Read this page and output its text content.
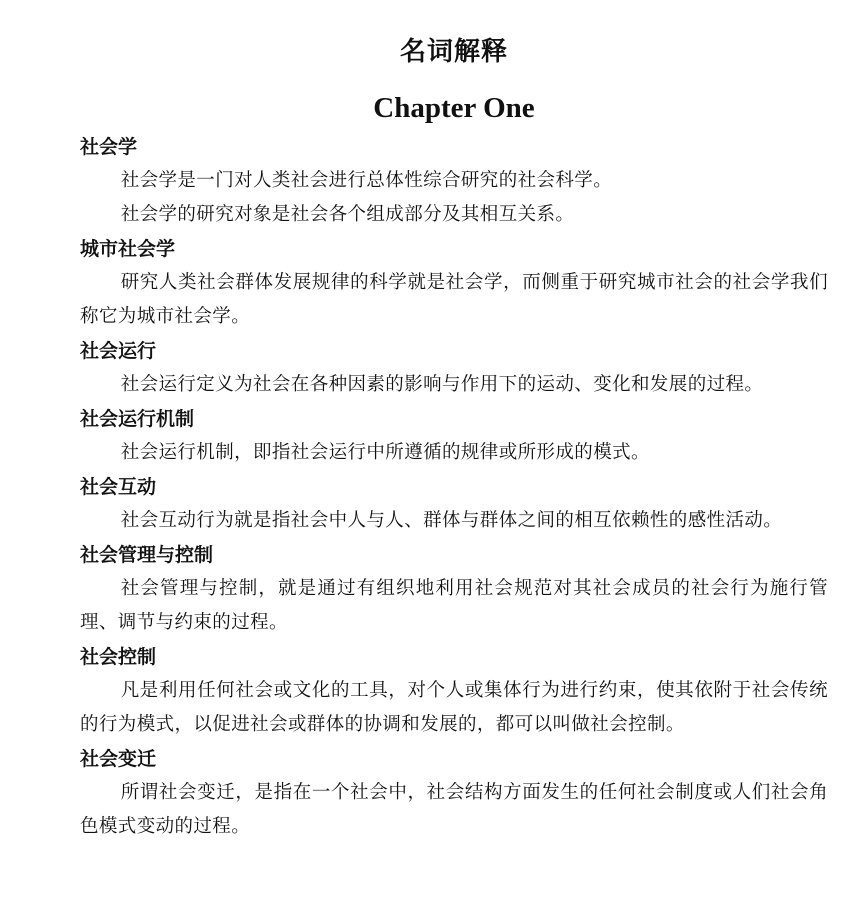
名词解释
Chapter One
社会学

社会学是一门对人类社会进行总体性综合研究的社会科学。

社会学的研究对象是社会各个组成部分及其相互关系。

城市社会学

研究人类社会群体发展规律的科学就是社会学，而侧重于研究城市社会的社会学我们称它为城市社会学。

社会运行

社会运行定义为社会在各种因素的影响与作用下的运动、变化和发展的过程。

社会运行机制

社会运行机制，即指社会运行中所遵循的规律或所形成的模式。

社会互动

社会互动行为就是指社会中人与人、群体与群体之间的相互依赖性的感性活动。

社会管理与控制

社会管理与控制，就是通过有组织地利用社会规范对其社会成员的社会行为施行管理、调节与约束的过程。

社会控制

凡是利用任何社会或文化的工具，对个人或集体行为进行约束，使其依附于社会传统的行为模式，以促进社会或群体的协调和发展的，都可以叫做社会控制。

社会变迁

所谓社会变迁，是指在一个社会中，社会结构方面发生的任何社会制度或人们社会角色模式变动的过程。
